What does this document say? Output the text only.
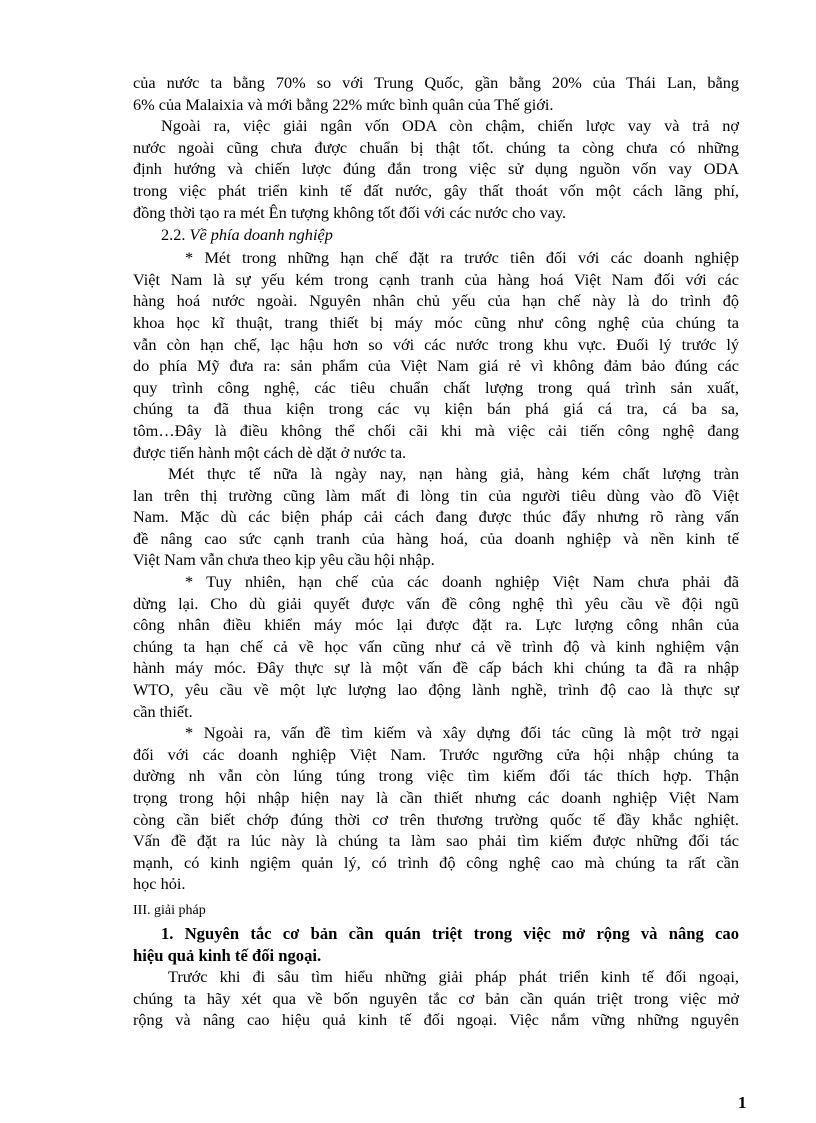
của nước ta bằng 70% so với Trung Quốc, gần bằng 20% của Thái Lan, bằng
6% của Malaixia và mới bằng 22% mức bình quân của Thế giới.
Ngoài ra, việc giải ngân vốn ODA còn chậm, chiến lược vay và trả nợ
nước ngoài cũng chưa được chuẩn bị thật tốt. chúng ta còng chưa có những
định hướng và chiến lược đúng đắn trong việc sử dụng nguồn vốn vay ODA
trong việc phát triển kinh tế đất nước, gây thất thoát vốn một cách lãng phí,
đồng thời tạo ra mét Ên tượng không tốt đối với các nước cho vay.
2.2. Về phía doanh nghiệp
* Mét trong những hạn chế đặt ra trước tiên đối với các doanh nghiệp
Việt Nam là sự yếu kém trong cạnh tranh của hàng hoá Việt Nam đối với các
hàng hoá nước ngoài. Nguyên nhân chủ yếu của hạn chế này là do trình độ
khoa học kĩ thuật, trang thiết bị máy móc cũng như công nghệ của chúng ta
vẫn còn hạn chế, lạc hậu hơn so với các nước trong khu vực. Đuối lý trước lý
do phía Mỹ đưa ra: sản phẩm của Việt Nam giá rẻ vì không đảm bảo đúng các
quy trình công nghệ, các tiêu chuẩn chất lượng trong quá trình sản xuất,
chúng ta đã thua kiện trong các vụ kiện bán phá giá cá tra, cá ba sa,
tôm…Đây là điều không thể chối cãi khi mà việc cải tiến công nghệ đang
được tiến hành một cách dè dặt ở nước ta.
Mét thực tế nữa là ngày nay, nạn hàng giả, hàng kém chất lượng tràn
lan trên thị trường cũng làm mất đi lòng tin của người tiêu dùng vào đồ Việt
Nam. Mặc dù các biện pháp cải cách đang được thúc đẩy nhưng rõ ràng vấn
đề nâng cao sức cạnh tranh của hàng hoá, của doanh nghiệp và nền kinh tế
Việt Nam vẫn chưa theo kịp yêu cầu hội nhập.
* Tuy nhiên, hạn chế của các doanh nghiệp Việt Nam chưa phải đã
dừng lại. Cho dù giải quyết được vấn đề công nghệ thì yêu cầu về đội ngũ
công nhân điều khiển máy móc lại được đặt ra. Lực lượng công nhân của
chúng ta hạn chế cả về học vấn cũng như cả về trình độ và kinh nghiệm vận
hành máy móc. Đây thực sự là một vấn đề cấp bách khi chúng ta đã ra nhập
WTO, yêu cầu về một lực lượng lao động lành nghề, trình độ cao là thực sự
cần thiết.
* Ngoài ra, vấn đề tìm kiếm và xây dựng đối tác cũng là một trở ngại
đối với các doanh nghiệp Việt Nam. Trước ngưỡng cửa hội nhập chúng ta
dường nh vẫn còn lúng túng trong việc tìm kiếm đối tác thích hợp. Thận
trọng trong hội nhập hiện nay là cần thiết nhưng các doanh nghiệp Việt Nam
còng cần biết chớp đúng thời cơ trên thương trường quốc tế đầy khắc nghiệt.
Vấn đề đặt ra lúc này là chúng ta làm sao phải tìm kiếm được những đối tác
mạnh, có kinh ngiệm quản lý, có trình độ công nghệ cao mà chúng ta rất cần
học hỏi.
III. giải pháp
1. Nguyên tắc cơ bản cần quán triệt trong việc mở rộng và nâng cao
hiệu quả kinh tế đối ngoại.
Trước khi đi sâu tìm hiểu những giải pháp phát triển kinh tế đối ngoại,
chúng ta hãy xét qua về bốn nguyên tắc cơ bản cần quán triệt trong việc mở
rộng và nâng cao hiệu quả kinh tế đối ngoại. Việc nắm vững những nguyên
1
